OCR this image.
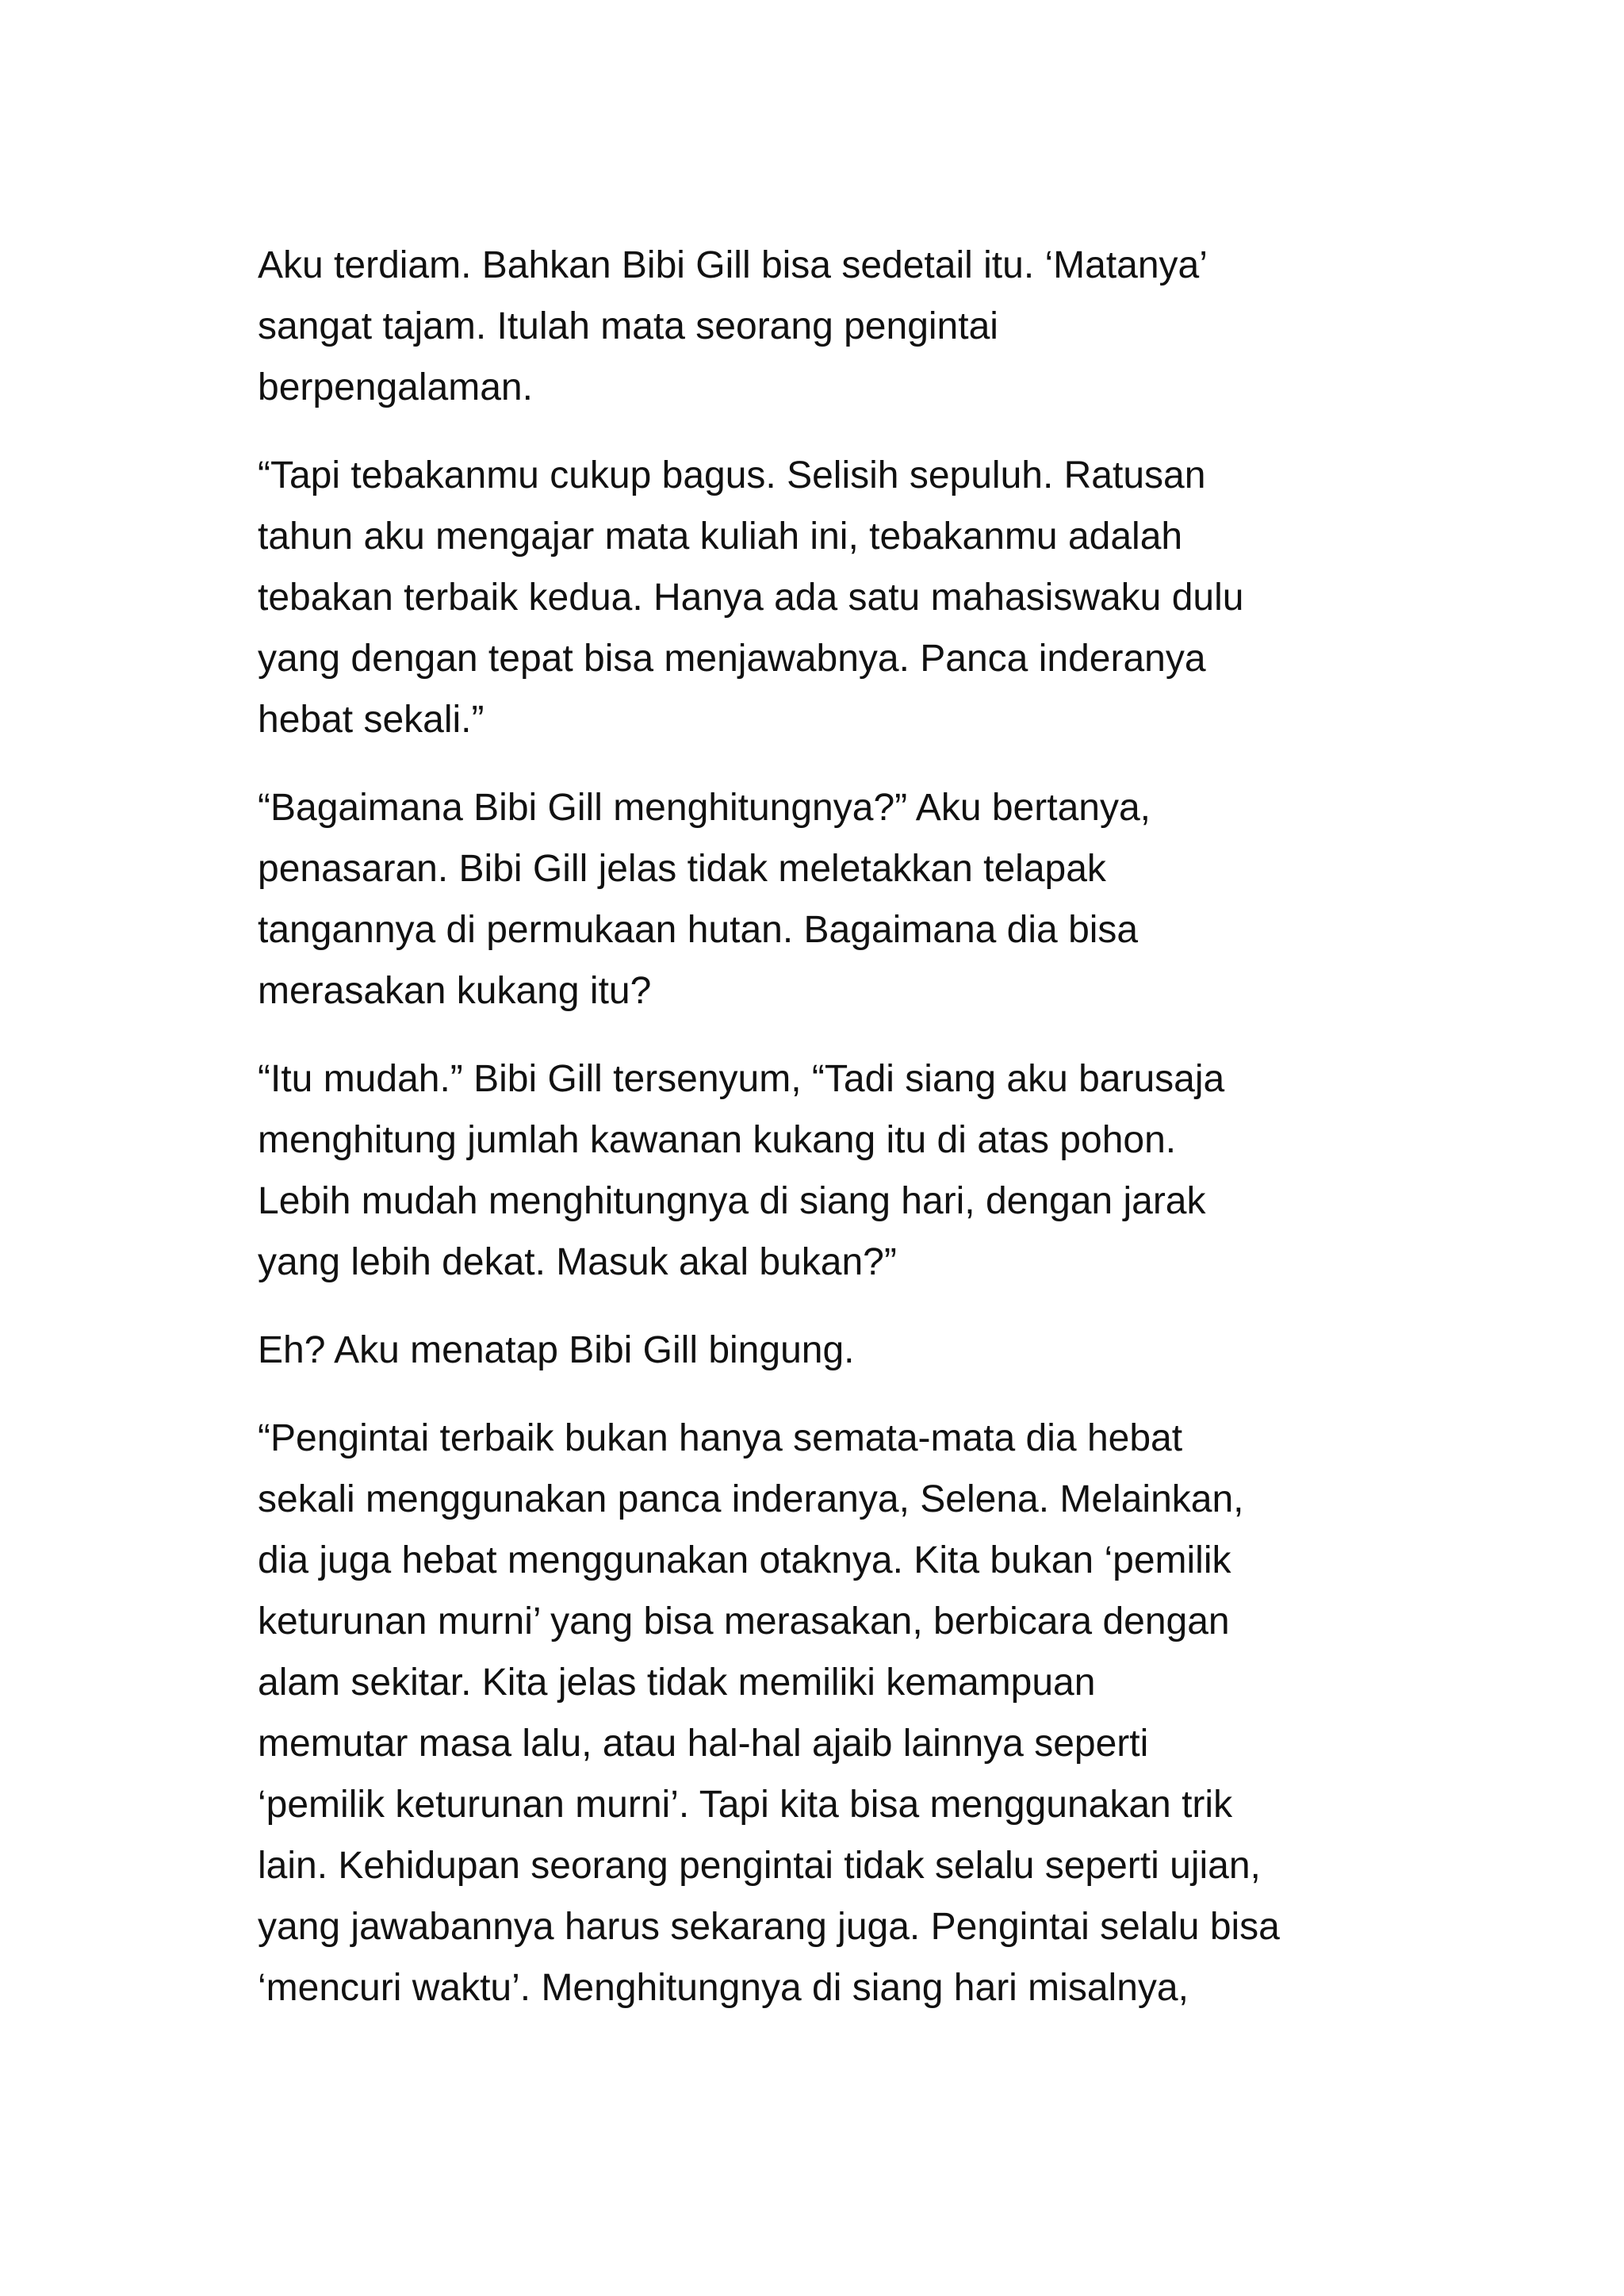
Aku terdiam. Bahkan Bibi Gill bisa sedetail itu. ‘Matanya’
sangat tajam. Itulah mata seorang pengintai
berpengalaman.

“Tapi tebakanmu cukup bagus. Selisih sepuluh. Ratusan
tahun aku mengajar mata kuliah ini, tebakanmu adalah
tebakan terbaik kedua. Hanya ada satu mahasiswaku dulu
yang dengan tepat bisa menjawabnya. Panca inderanya
hebat sekali.”

“Bagaimana Bibi Gill menghitungnya?” Aku bertanya,
penasaran. Bibi Gill jelas tidak meletakkan telapak
tangannya di permukaan hutan. Bagaimana dia bisa
merasakan kukang itu?

“Itu mudah.” Bibi Gill tersenyum, “Tadi siang aku barusaja
menghitung jumlah kawanan kukang itu di atas pohon.
Lebih mudah menghitungnya di siang hari, dengan jarak
yang lebih dekat. Masuk akal bukan?”

Eh? Aku menatap Bibi Gill bingung.

“Pengintai terbaik bukan hanya semata-mata dia hebat
sekali menggunakan panca inderanya, Selena. Melainkan,
dia juga hebat menggunakan otaknya. Kita bukan ‘pemilik
keturunan murni’ yang bisa merasakan, berbicara dengan
alam sekitar. Kita jelas tidak memiliki kemampuan
memutar masa lalu, atau hal-hal ajaib lainnya seperti
‘pemilik keturunan murni’. Tapi kita bisa menggunakan trik
lain. Kehidupan seorang pengintai tidak selalu seperti ujian,
yang jawabannya harus sekarang juga. Pengintai selalu bisa
‘mencuri waktu’. Menghitungnya di siang hari misalnya,
